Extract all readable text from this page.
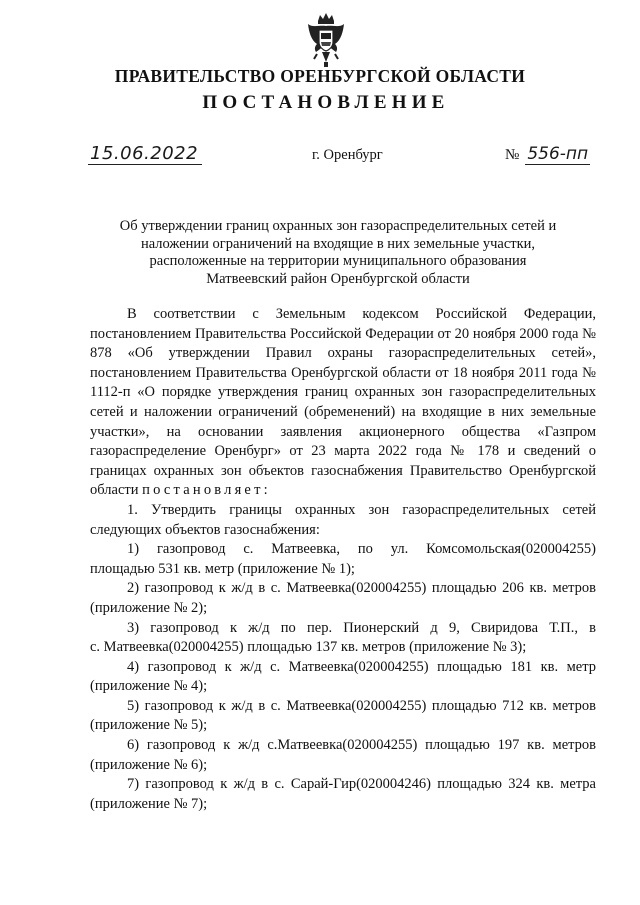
ПРАВИТЕЛЬСТВО ОРЕНБУРГСКОЙ ОБЛАСТИ
ПОСТАНОВЛЕНИЕ
15.06.2022	г. Оренбург	№ 556-пп
Об утверждении границ охранных зон газораспределительных сетей и
наложении ограничений на входящие в них земельные участки,
расположенные на территории муниципального образования
Матвеевский район Оренбургской области

В соответствии с Земельным кодексом Российской Федерации, постановлением Правительства Российской Федерации от 20 ноября 2000 года № 878 «Об утверждении Правил охраны газораспределительных сетей», постановлением Правительства Оренбургской области от 18 ноября 2011 года № 1112-п «О порядке утверждения границ охранных зон газораспределительных сетей и наложении ограничений (обременений) на входящие в них земельные участки», на основании заявления акционерного общества «Газпром газораспределение Оренбург» от 23 марта 2022 года № 178 и сведений о границах охранных зон объектов газоснабжения Правительство Оренбургской области постановляет:

1. Утвердить границы охранных зон газораспределительных сетей следующих объектов газоснабжения:

1) газопровод с. Матвеевка, по ул. Комсомольская(020004255)

площадью 531 кв. метр (приложение № 1);

2) газопровод к ж/д в с. Матвеевка(020004255) площадью 206 кв. метров

(приложение № 2);

3) газопровод к ж/д по пер. Пионерский д 9, Свиридова Т.П., в

с. Матвеевка(020004255) площадью 137 кв. метров (приложение № 3);

4) газопровод к ж/д с. Матвеевка(020004255) площадью 181 кв. метр

(приложение № 4);

5) газопровод к ж/д в с. Матвеевка(020004255) площадью 712 кв. метров

(приложение № 5);

6) газопровод к ж/д с.Матвеевка(020004255) площадью 197 кв. метров

(приложение № 6);

7) газопровод к ж/д в с. Сарай-Гир(020004246) площадью 324 кв. метра

(приложение № 7);
